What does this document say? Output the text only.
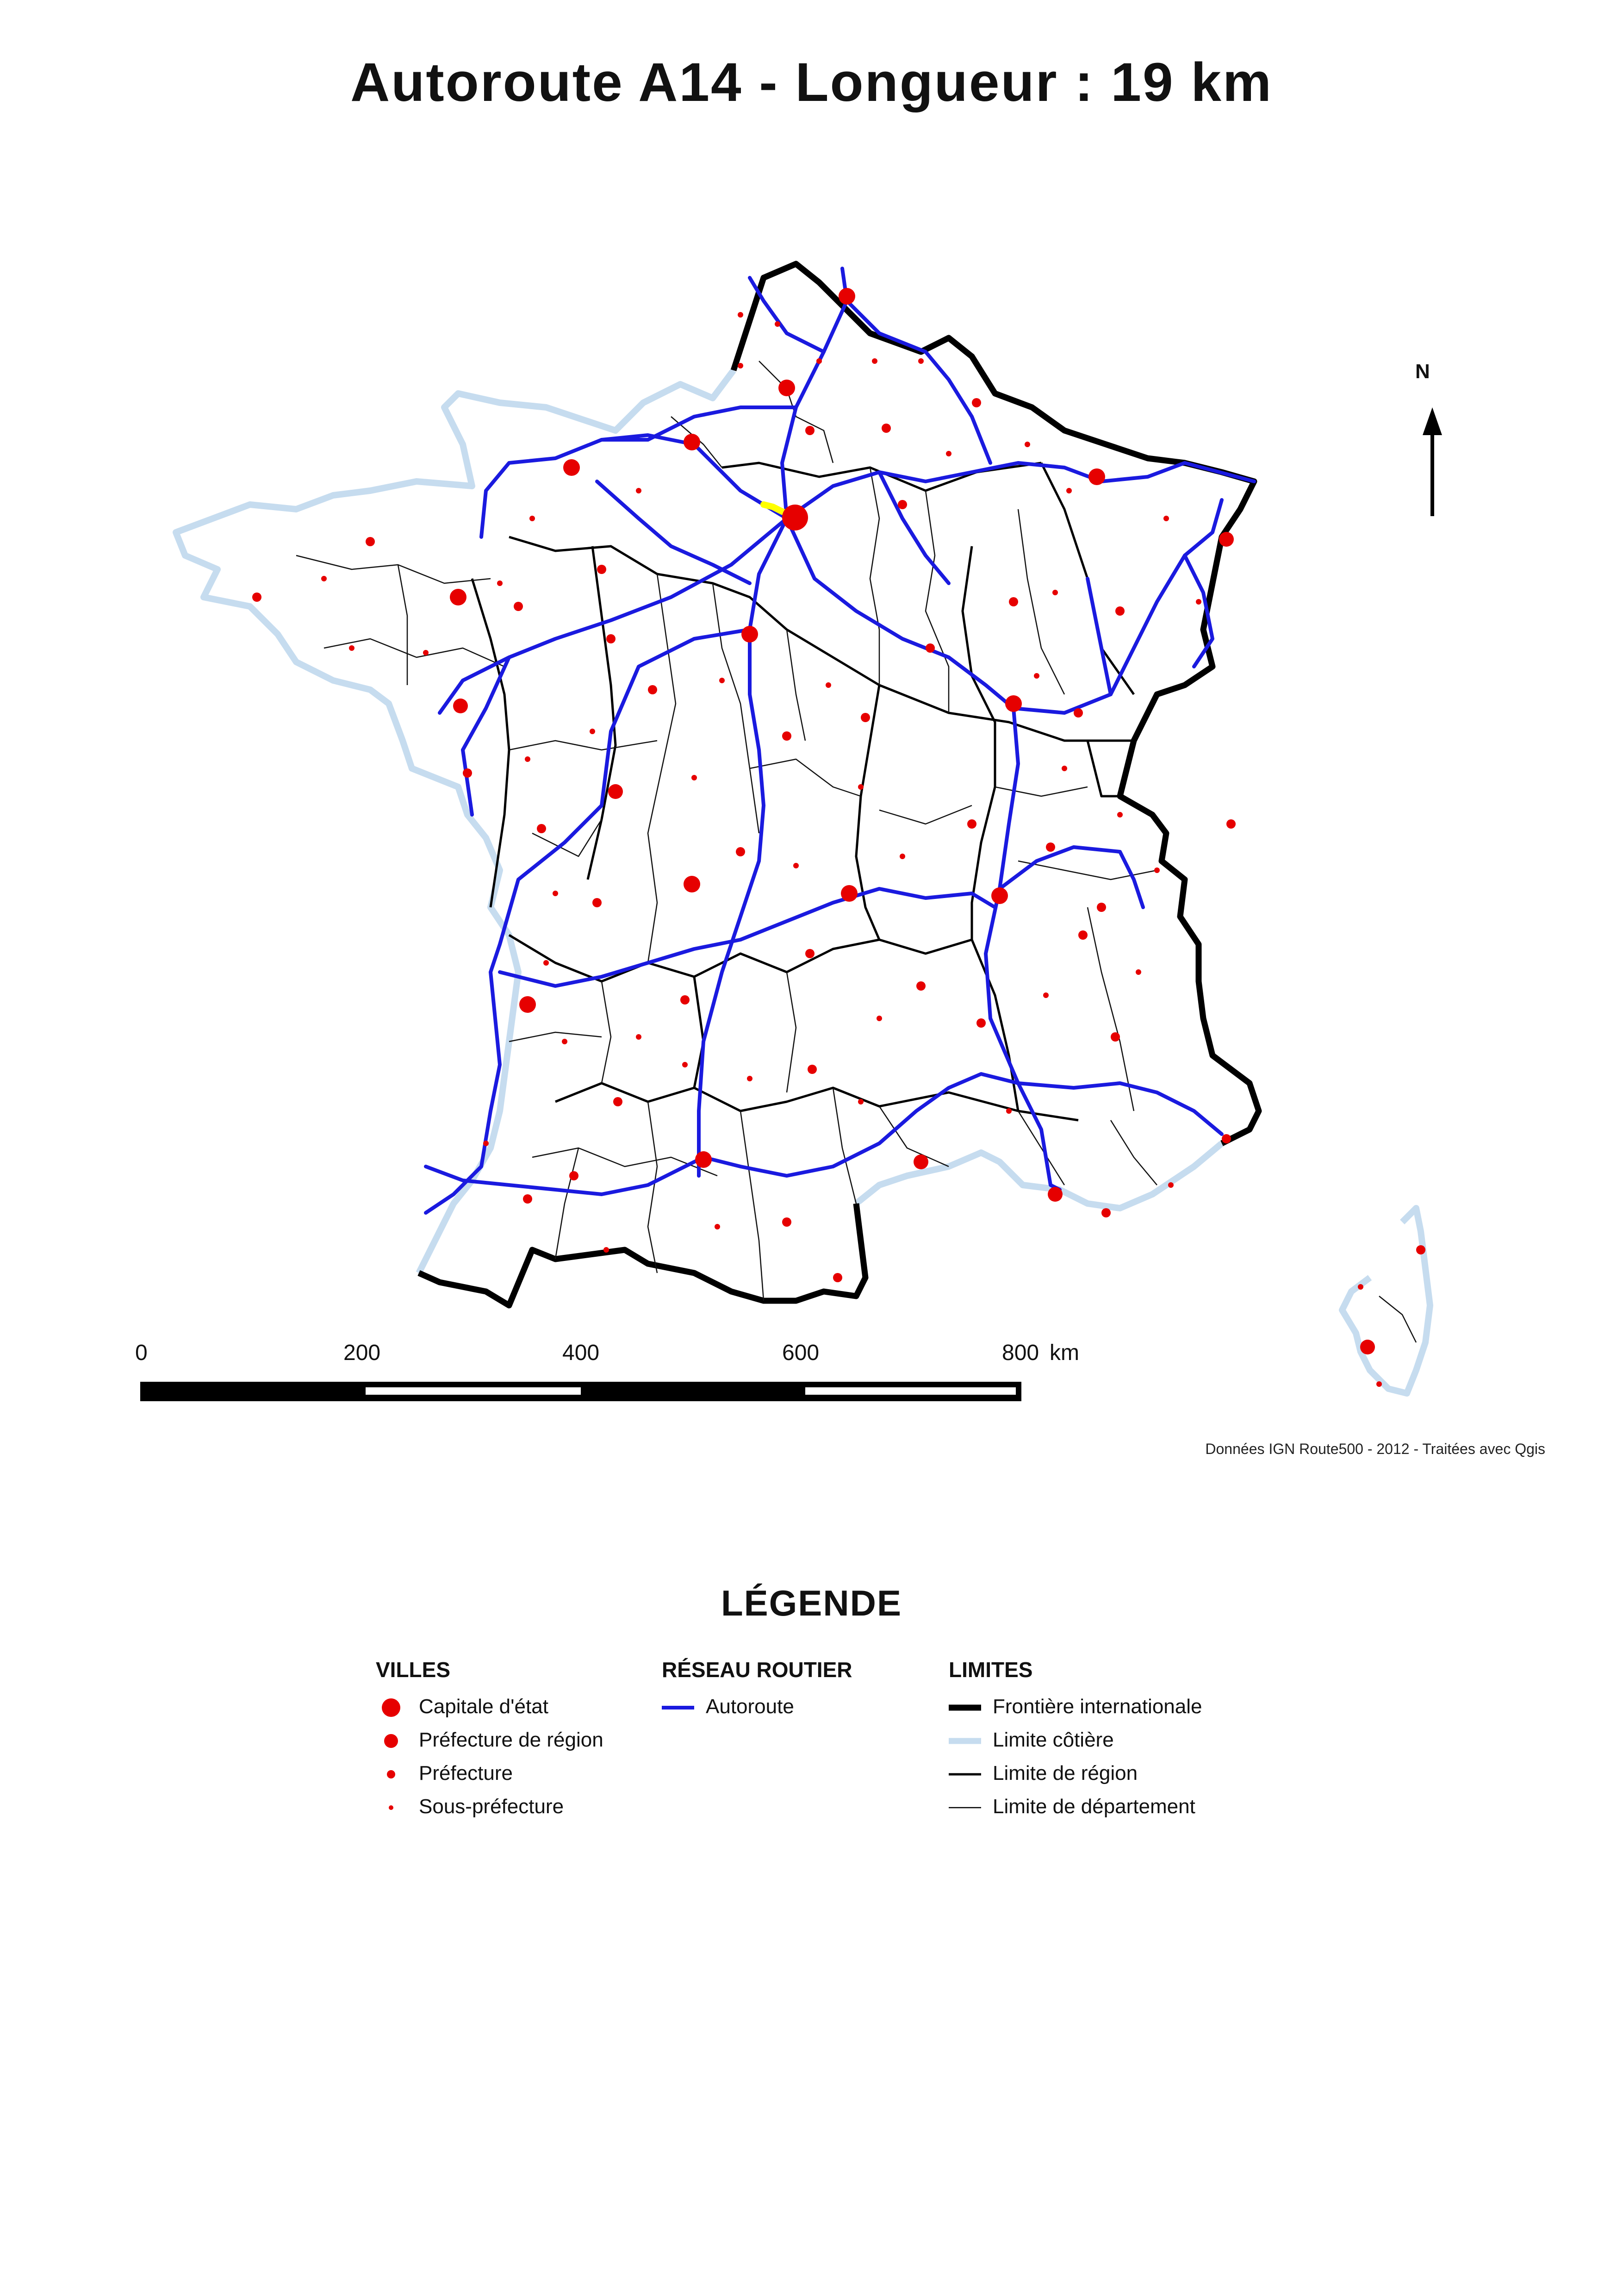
Autoroute A14 - Longueur : 19 km
N
0	200	400	600	800 km
Données IGN Route500 - 2012 - Traitées avec Qgis
LÉGENDE
VILLES
Capitale d'état
Préfecture de région
Préfecture
Sous-préfecture
RÉSEAU ROUTIER
Autoroute
LIMITES
Frontière internationale
Limite côtière
Limite de région
Limite de département
